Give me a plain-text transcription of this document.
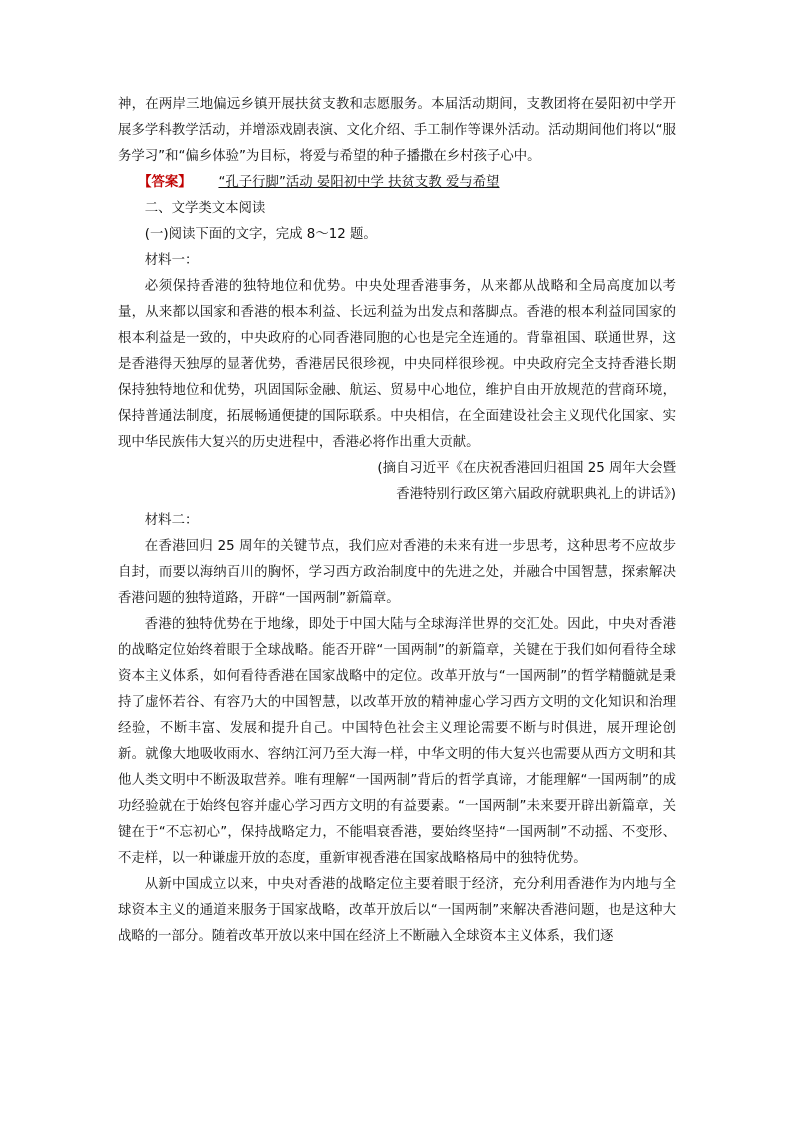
神，在两岸三地偏远乡镇开展扶贫支教和志愿服务。本届活动期间，支教团将在晏阳初中学开展多学科教学活动，并增添戏剧表演、文化介绍、手工制作等课外活动。活动期间他们将以“服务学习”和“偏乡体验”为目标，将爱与希望的种子播撒在乡村孩子心中。

【答案】 “孔子行脚”活动 晏阳初中学 扶贫支教 爱与希望

二、文学类文本阅读

(一)阅读下面的文字，完成 8～12 题。

材料一：

必须保持香港的独特地位和优势。中央处理香港事务，从来都从战略和全局高度加以考量，从来都以国家和香港的根本利益、长远利益为出发点和落脚点。香港的根本利益同国家的根本利益是一致的，中央政府的心同香港同胞的心也是完全连通的。背靠祖国、联通世界，这是香港得天独厚的显著优势，香港居民很珍视，中央同样很珍视。中央政府完全支持香港长期保持独特地位和优势，巩固国际金融、航运、贸易中心地位，维护自由开放规范的营商环境，保持普通法制度，拓展畅通便捷的国际联系。中央相信，在全面建设社会主义现代化国家、实现中华民族伟大复兴的历史进程中，香港必将作出重大贡献。

(摘自习近平《在庆祝香港回归祖国 25 周年大会暨

香港特别行政区第六届政府就职典礼上的讲话》)

材料二：

在香港回归 25 周年的关键节点，我们应对香港的未来有进一步思考，这种思考不应故步自封，而要以海纳百川的胸怀，学习西方政治制度中的先进之处，并融合中国智慧，探索解决香港问题的独特道路，开辟“一国两制”新篇章。

香港的独特优势在于地缘，即处于中国大陆与全球海洋世界的交汇处。因此，中央对香港的战略定位始终着眼于全球战略。能否开辟“一国两制”的新篇章，关键在于我们如何看待全球资本主义体系，如何看待香港在国家战略中的定位。改革开放与“一国两制”的哲学精髓就是秉持了虚怀若谷、有容乃大的中国智慧，以改革开放的精神虚心学习西方文明的文化知识和治理经验，不断丰富、发展和提升自己。中国特色社会主义理论需要不断与时俱进，展开理论创新。就像大地吸收雨水、容纳江河乃至大海一样，中华文明的伟大复兴也需要从西方文明和其他人类文明中不断汲取营养。唯有理解“一国两制”背后的哲学真谛，才能理解“一国两制”的成功经验就在于始终包容并虚心学习西方文明的有益要素。“一国两制”未来要开辟出新篇章，关键在于“不忘初心”，保持战略定力，不能唱衰香港，要始终坚持“一国两制”不动摇、不变形、不走样，以一种谦虚开放的态度，重新审视香港在国家战略格局中的独特优势。

从新中国成立以来，中央对香港的战略定位主要着眼于经济，充分利用香港作为内地与全球资本主义的通道来服务于国家战略，改革开放后以“一国两制”来解决香港问题，也是这种大战略的一部分。随着改革开放以来中国在经济上不断融入全球资本主义体系，我们逐
